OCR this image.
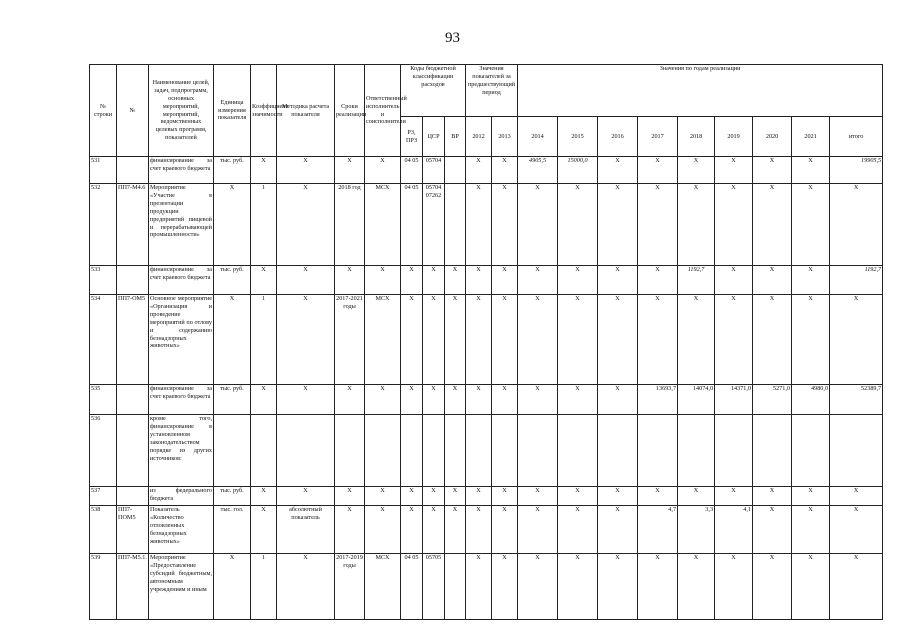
93
№ строки	№	Наименование целей, задач, подпрограмм, основных мероприятий, мероприятий, ведомственных целевых программ, показателей	Единица измерения показателя	Коэффициент значимости	Методика расчета показателя	Сроки реализации	Ответственный исполнитель и соисполнители	Коды бюджетной классификации расходов			Значения показателей за предшествующий период		Значения по годам реализации								
								РЗ, ПРЗ	ЦСР	ВР	2012	2013	2014	2015	2016	2017	2018	2019	2020	2021	итого
531		финансирование за счет краевого бюджета	тыс. руб.	X	X	X	X	04 05	05704		X	X	4905,5	15000,0	X	X	X	X	X	X	19905,5
532	ПП7-М4.6	Мероприятие «Участие в презентации продукции предприятий пищевой и перерабатывающей промышленности»	X	1	X	2018 год	МСХ	04 05	05704 07262		X	X	X	X	X	X	X	X	X	X	X
533		финансирование за счет краевого бюджета	тыс. руб.	X	X	X	X	X	X	X	X	X	X	X	X	X	1192,7	X	X	X	1192,7
534	ПП7-ОМ5	Основное мероприятие «Организация и проведение мероприятий по отлову и содержанию безнадзорных животных»	X	1	X	2017-2021 годы	МСХ	X	X	X	X	X	X	X	X	X	X	X	X	X	X
535		финансирование за счет краевого бюджета	тыс. руб.	X	X	X	X	X	X	X	X	X	X	X	X	13693,7	14074,0	14371,0	5271,0	4980,0	52389,7
536		кроме того, финансирование в установленном законодательством порядке из других источников:																			
537		из федерального бюджета	тыс. руб.	X	X	X	X	X	X	X	X	X	X	X	X	X	X	X	X	X	X
538	ПП7-ПОМ5	Показатель «Количество отловленных безнадзорных животных»	тыс. гол.	X	абсолютный показатель	X	X	X	X	X	X	X	X	X	X	4,7	3,3	4,1	X	X	X
539	ПП7-М5.1.	Мероприятие «Предоставление субсидий бюджетным, автономным учреждениям и иным	X	1	X	2017-2019 годы	МСХ	04 05	05705		X	X	X	X	X	X	X	X	X	X	X
